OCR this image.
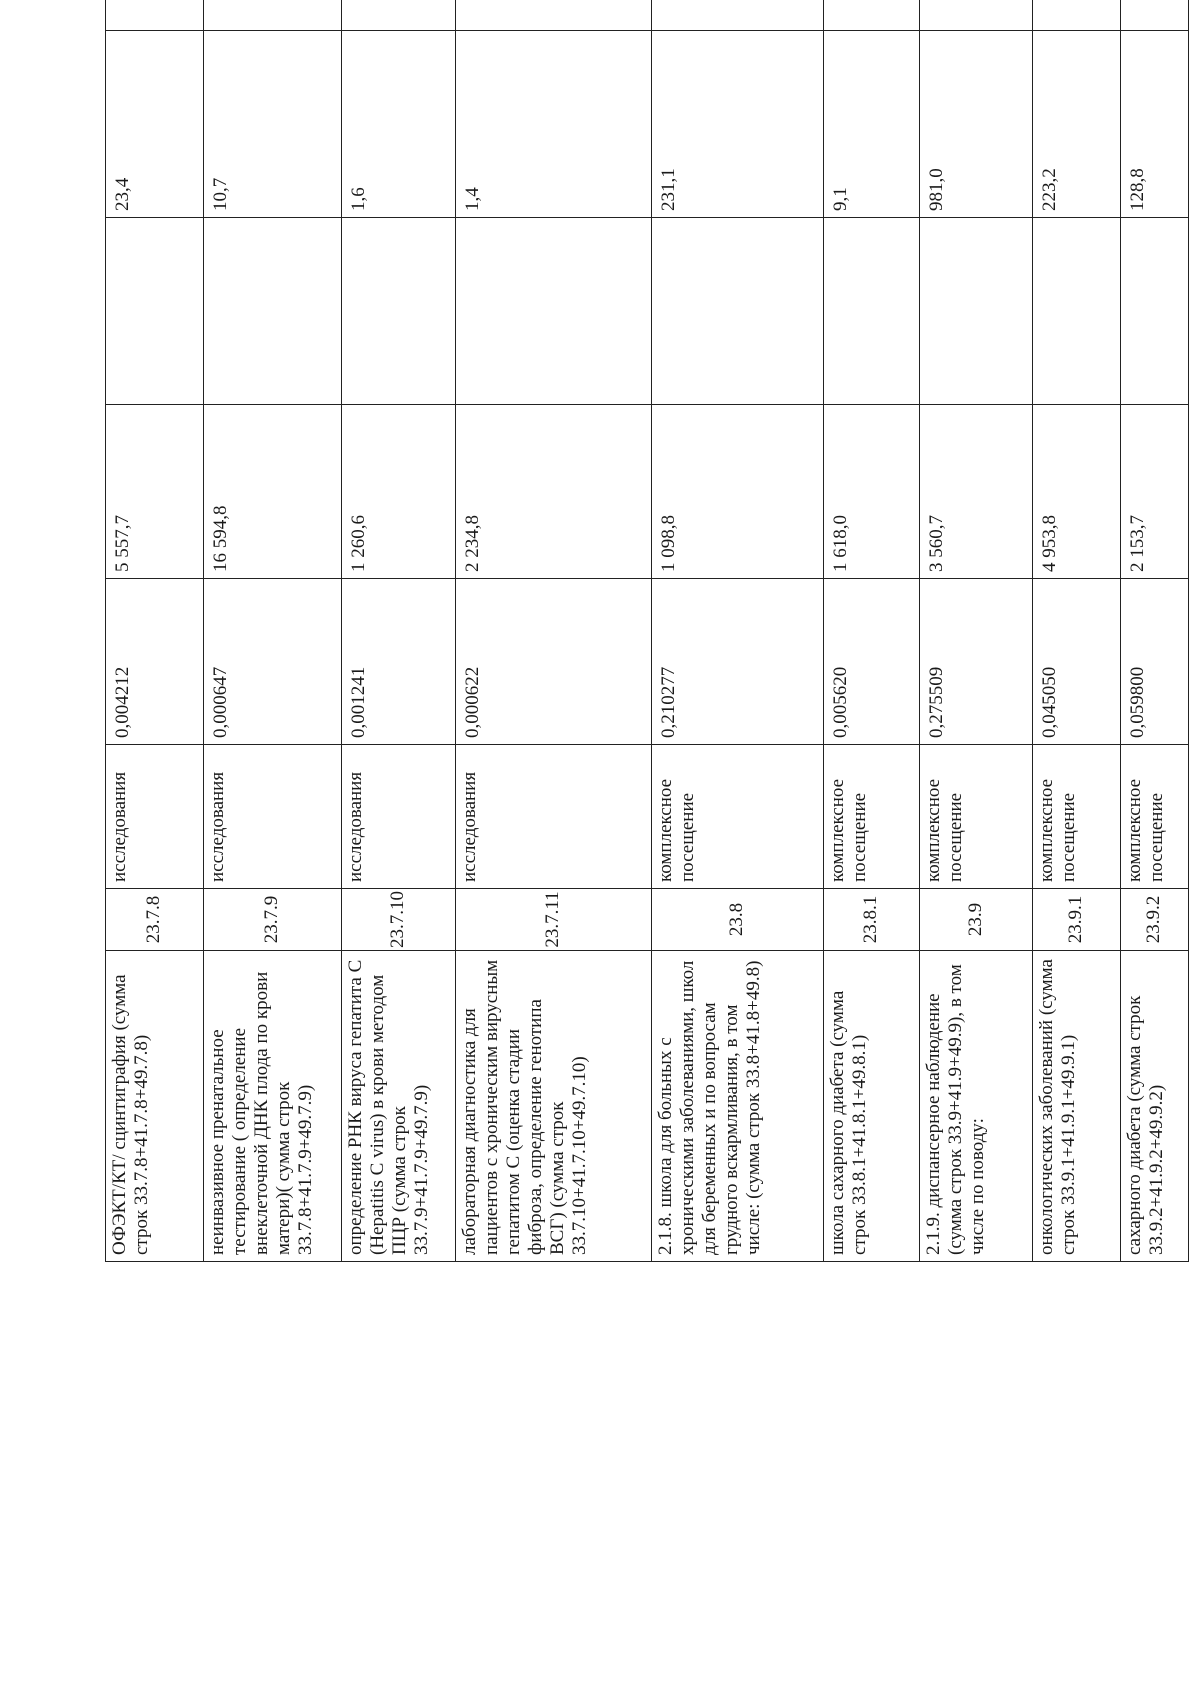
ОФЭКТ/КТ/ сцинтиграфия (сумма строк 33.7.8+41.7.8+49.7.8)	23.7.8	исследования	0,004212	5 557,7		23,4			
неинвазивное пренатальное тестирование ( определение внеклеточной ДНК плода по крови матери)( сумма строк 33.7.8+41.7.9+49.7.9)	23.7.9	исследования	0,000647	16 594,8		10,7			
определение РНК вируса гепатита С (Hepatitis C virus) в крови методом ПЦР (сумма строк 33.7.9+41.7.9+49.7.9)	23.7.10	исследования	0,001241	1 260,6		1,6			
лабораторная диагностика для пациентов с хроническим вирусным гепатитом С (оценка стадии фиброза, определение генотипа ВСГ) (сумма строк 33.7.10+41.7.10+49.7.10)	23.7.11	исследования	0,000622	2 234,8		1,4			
2.1.8. школа для больных с хроническими заболеваниями, школ для беременных и по вопросам грудного вскармливания, в том числе: (сумма строк 33.8+41.8+49.8)	23.8	комплексное посещение	0,210277	1 098,8		231,1			
школа сахарного диабета (сумма строк 33.8.1+41.8.1+49.8.1)	23.8.1	комплексное посещение	0,005620	1 618,0		9,1			
2.1.9. диспансерное наблюдение (сумма строк 33.9+41.9+49.9), в том числе по поводу:	23.9	комплексное посещение	0,275509	3 560,7		981,0			
онкологических заболеваний (сумма строк 33.9.1+41.9.1+49.9.1)	23.9.1	комплексное посещение	0,045050	4 953,8		223,2			
сахарного диабета (сумма строк 33.9.2+41.9.2+49.9.2)	23.9.2	комплексное посещение	0,059800	2 153,7		128,8			
